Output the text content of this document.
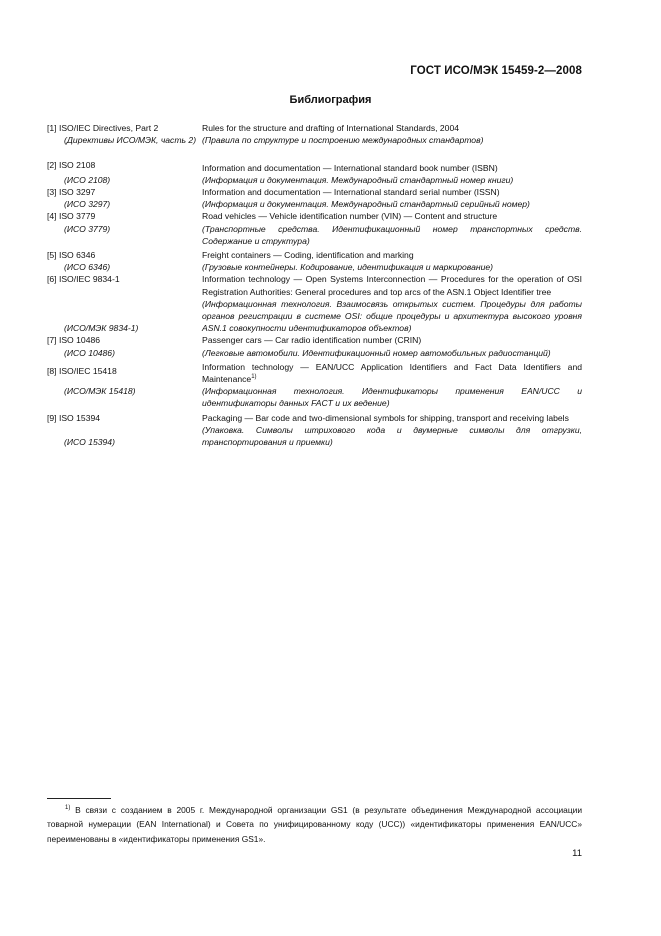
ГОСТ ИСО/МЭК 15459-2—2008
Библиография
[1] ISO/IEC Directives, Part 2
(Директивы ИСО/МЭК, часть 2)
Rules for the structure and drafting of International Standards, 2004
(Правила по структуре и построению международных стандартов)
[2] ISO 2108
(ИСО 2108)
Information and documentation — International standard book number (ISBN)
(Информация и документация. Международный стандартный номер книги)
[3] ISO 3297
(ИСО 3297)
Information and documentation — International standard serial number (ISSN)
(Информация и документация. Международный стандартный серийный номер)
[4] ISO 3779
(ИСО 3779)
Road vehicles — Vehicle identification number (VIN) — Content and structure
(Транспортные средства. Идентификационный номер транспортных средств. Содержание и структура)
[5] ISO 6346
(ИСО 6346)
Freight containers — Coding, identification and marking
(Грузовые контейнеры. Кодирование, идентификация и маркирование)
[6] ISO/IEC 9834-1
(ИСО/МЭК 9834-1)
Information technology — Open Systems Interconnection — Procedures for the operation of OSI Registration Authorities: General procedures and top arcs of the ASN.1 Object Identifier tree
(Информационная технология. Взаимосвязь открытых систем. Процедуры для работы органов регистрации в системе OSI: общие процедуры и архитектура высокого уровня ASN.1 совокупности идентификаторов объектов)
[7] ISO 10486
(ИСО 10486)
Passenger cars — Car radio identification number (CRIN)
(Легковые автомобили. Идентификационный номер автомобильных радиостанций)
[8] ISO/IEC 15418
(ИСО/МЭК 15418)
Information technology — EAN/UCC Application Identifiers and Fact Data Identifiers and Maintenance$^{1)}$
(Информационная технология. Идентификаторы применения EAN/UCC и идентификаторы данных FACT и их ведение)
[9] ISO 15394
(ИСО 15394)
Packaging — Bar code and two-dimensional symbols for shipping, transport and receiving labels
(Упаковка. Символы штрихового кода и двумерные символы для отгрузки, транспортирования и приемки)
$^{1)}$ В связи с созданием в 2005 г. Международной организации GS1 (в результате объединения Международной ассоциации товарной нумерации (EAN International) и Совета по унифицированному коду (UCC)) «идентификаторы применения EAN/UCC» переименованы в «идентификаторы применения GS1».
11
